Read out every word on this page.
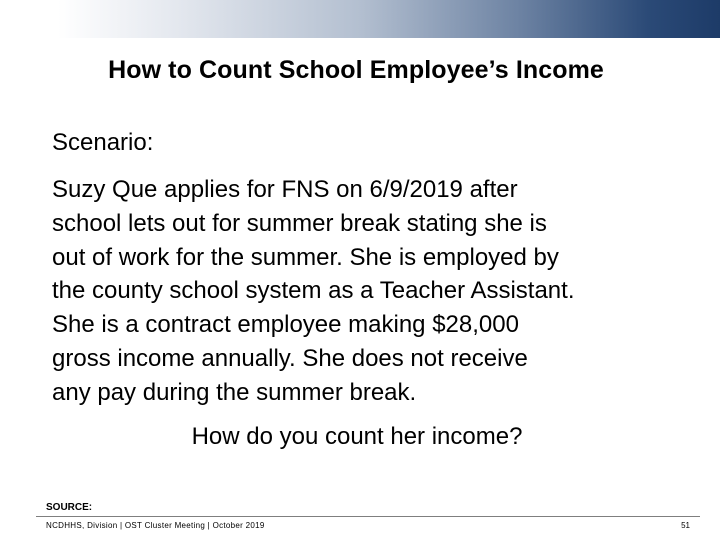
How to Count School Employee’s Income
Scenario:
Suzy Que applies for FNS on 6/9/2019 after
school lets out for summer break stating she is
out of work for the summer. She is employed by
the county school system as a Teacher Assistant.
She is a contract employee making $28,000
gross income annually. She does not receive
any pay during the summer break.
How do you count her income?
SOURCE:
NCDHHS, Division | OST Cluster Meeting | October 2019	51
